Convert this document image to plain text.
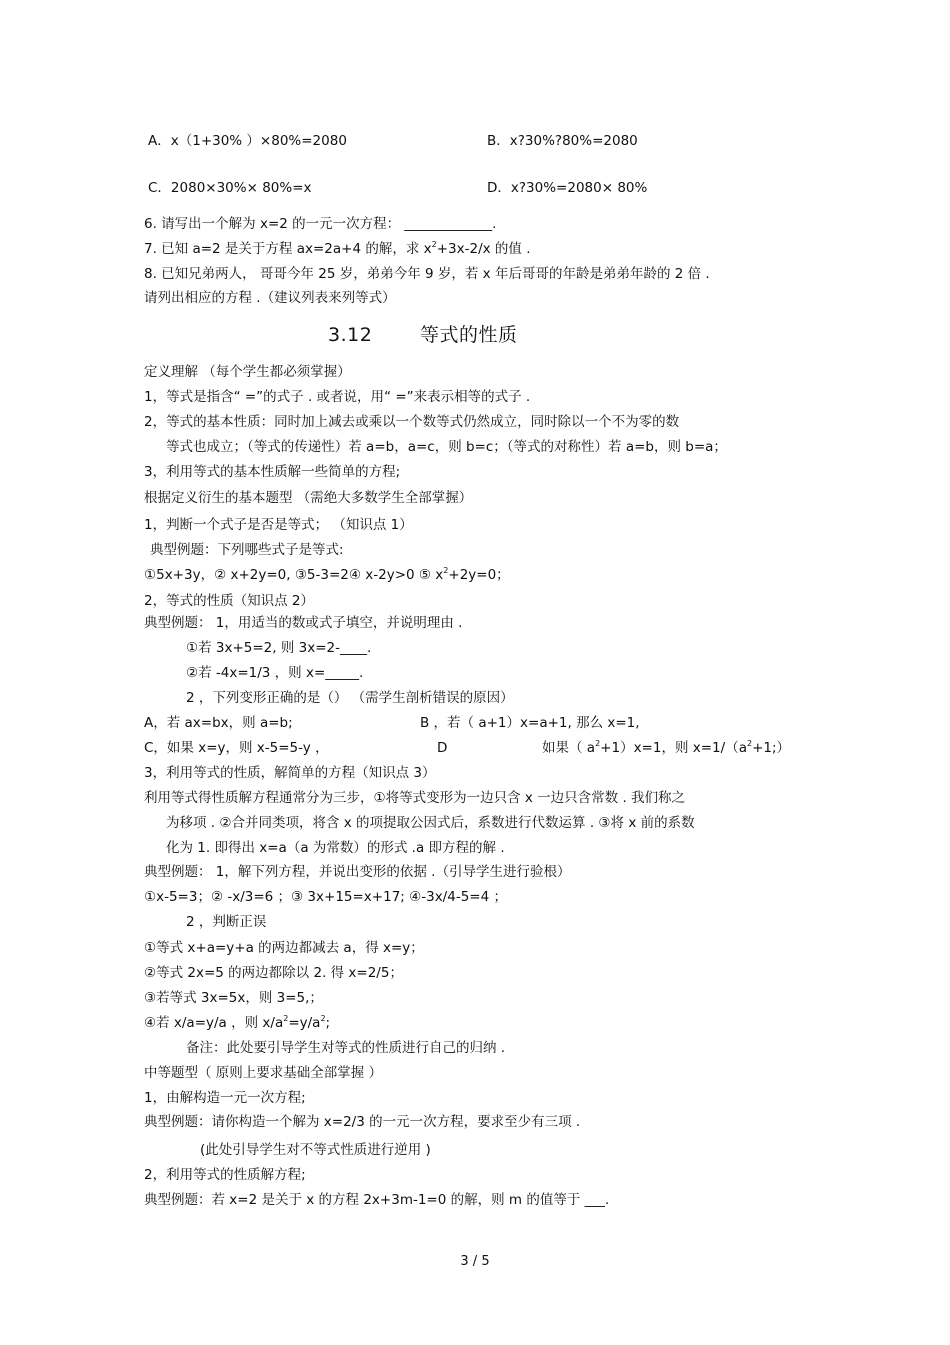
A．x（1+30% ）×80%=2080	B．x?30%?80%=2080
C．2080×30%× 80%=x	D．x?30%=2080× 80%
6. 请写出一个解为 x=2 的一元一次方程： _____________.
7. 已知 a=2 是关于方程 ax=2a+4 的解，求 $x^2+3x-2/x$ 的值 .
8. 已知兄弟两人， 哥哥今年 25 岁，弟弟今年 9 岁，若 x 年后哥哥的年龄是弟弟年龄的 2 倍 .
请列出相应的方程 .（建议列表来列等式）
3.12	等式的性质
定义理解 （每个学生都必须掌握）
1，等式是指含“ =”的式子 . 或者说，用“ =”来表示相等的式子 .
2，等式的基本性质：同时加上减去或乘以一个数等式仍然成立，同时除以一个不为零的数
等式也成立；（等式的传递性）若 a=b，a=c，则 b=c；（等式的对称性）若 a=b，则 b=a；
3，利用等式的基本性质解一些简单的方程;
根据定义衍生的基本题型 （需绝大多数学生全部掌握）
1，判断一个式子是否是等式； （知识点 1）
典型例题：下列哪些式子是等式:
①5x+3y，② x+2y=0, ③5-3=2④ x-2y>0 ⑤ $x^2+2y=0$；
2，等式的性质（知识点 2）
典型例题： 1，用适当的数或式子填空，并说明理由 .
①若 3x+5=2, 则 3x=2-____.
②若 -4x=1/3 ，则 x=_____.
2 ，下列变形正确的是（） （需学生剖析错误的原因）
A，若 ax=bx，则 a=b;	B ，若（ a+1）x=a+1, 那么 x=1,
C，如果 x=y，则 x-5=5-y ，	D	如果（ $a^2+1)x=1$，则 $x=1/(a^2+1;)$
3，利用等式的性质，解简单的方程（知识点 3）
利用等式得性质解方程通常分为三步，①将等式变形为一边只含 x 一边只含常数 . 我们称之
为移项 . ②合并同类项，将含 x 的项提取公因式后，系数进行代数运算 . ③将 x 前的系数
化为 1. 即得出 x=a（a 为常数）的形式 .a 即方程的解 .
典型例题： 1，解下列方程，并说出变形的依据 .（引导学生进行验根）
①x-5=3；② -x/3=6 ；③ 3x+15=x+17; ④-3x/4-5=4 ；
2 ，判断正误
①等式 x+a=y+a 的两边都减去 a，得 x=y；
②等式 2x=5 的两边都除以 2. 得 x=2/5；
③若等式 3x=5x，则 3=5,；
④若 x/a=y/a ，则 $x/a^2=y/a^2$;
备注：此处要引导学生对等式的性质进行自己的归纳 .
中等题型（ 原则上要求基础全部掌握 ）
1，由解构造一元一次方程;
典型例题：请你构造一个解为 x=2/3 的一元一次方程，要求至少有三项 .
(此处引导学生对不等式性质进行逆用 )
2，利用等式的性质解方程;
典型例题：若 x=2 是关于 x 的方程 2x+3m-1=0 的解，则 m 的值等于 ___.
3 / 5
